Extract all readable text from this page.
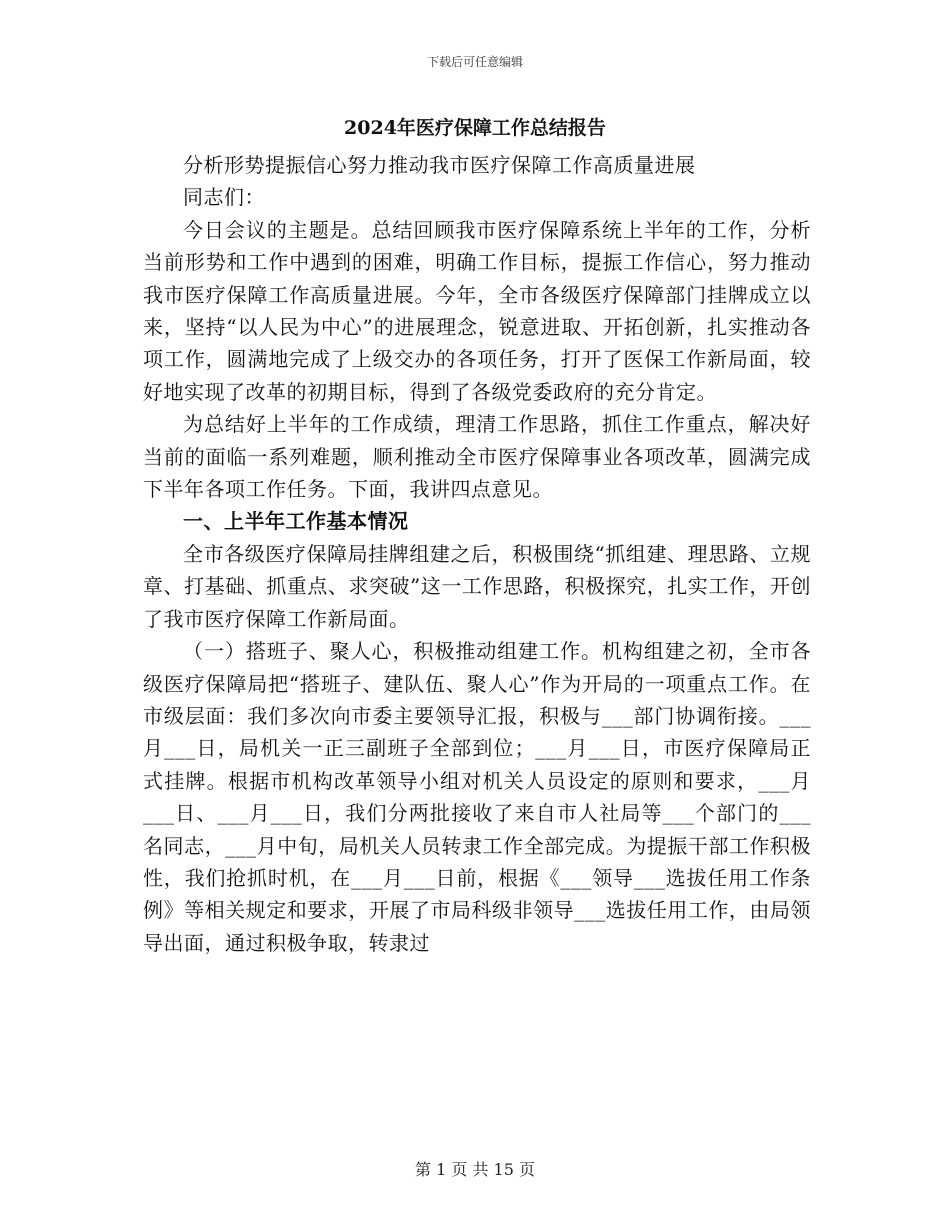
下载后可任意编辑
2024年医疗保障工作总结报告

分析形势提振信心努力推动我市医疗保障工作高质量进展

同志们：

今日会议的主题是。总结回顾我市医疗保障系统上半年的工作，分析当前形势和工作中遇到的困难，明确工作目标，提振工作信心，努力推动我市医疗保障工作高质量进展。今年，全市各级医疗保障部门挂牌成立以来，坚持“以人民为中心”的进展理念，锐意进取、开拓创新，扎实推动各项工作，圆满地完成了上级交办的各项任务，打开了医保工作新局面，较好地实现了改革的初期目标，得到了各级党委政府的充分肯定。

为总结好上半年的工作成绩，理清工作思路，抓住工作重点，解决好当前的面临一系列难题，顺利推动全市医疗保障事业各项改革，圆满完成下半年各项工作任务。下面，我讲四点意见。

一、上半年工作基本情况

全市各级医疗保障局挂牌组建之后，积极围绕“抓组建、理思路、立规章、打基础、抓重点、求突破”这一工作思路，积极探究，扎实工作，开创了我市医疗保障工作新局面。

（一）搭班子、聚人心，积极推动组建工作。机构组建之初，全市各级医疗保障局把“搭班子、建队伍、聚人心”作为开局的一项重点工作。在市级层面：我们多次向市委主要领导汇报，积极与___部门协调衔接。___月___日，局机关一正三副班子全部到位；___月___日，市医疗保障局正式挂牌。根据市机构改革领导小组对机关人员设定的原则和要求，___月___日、___月___日，我们分两批接收了来自市人社局等___个部门的___名同志，___月中旬，局机关人员转隶工作全部完成。为提振干部工作积极性，我们抢抓时机，在___月___日前，根据《___领导___选拔任用工作条例》等相关规定和要求，开展了市局科级非领导___选拔任用工作，由局领导出面，通过积极争取，转隶过

第 1 页 共 15 页
